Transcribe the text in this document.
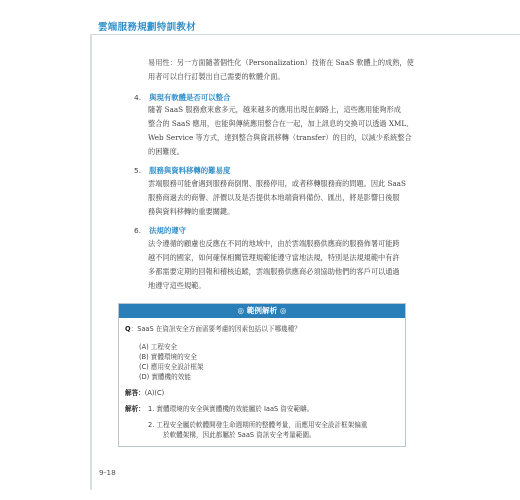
雲端服務規劃特訓教材
易用性：另一方面隨著個性化（Personalization）技術在 SaaS 軟體上的成熟，使
用者可以自行訂製出自己需要的軟體介面。
4. 與現有軟體是否可以整合
隨著 SaaS 服務愈來愈多元，越來越多的應用出現在網路上，這些應用能夠形成
整合的 SaaS 應用，也能與傳統應用整合在一起，加上訊息的交換可以透過 XML、
Web Service 等方式，達到整合與資訊移轉（transfer）的目的，以減少系統整合
的困難度。
5. 服務與資料移轉的難易度
雲端服務可能會遇到服務商倒閉、服務停用，或者移轉服務商的問題。因此 SaaS
服務商過去的商譽、評價以及是否提供本地端資料備份、匯出，將是影響日後服
務與資料移轉的重要關鍵。
6. 法規的遵守
法令遵循的顧慮也反應在不同的地域中，由於雲端服務供應商的服務佈署可能跨
越不同的國家，如何確保相關管理規範能遵守當地法規，特別是法規規範中有許
多都需要定期的回報和稽核追蹤，雲端服務供應商必須協助他們的客戶可以通過
地遵守這些規範。
◎ 範例解析 ◎
Q：SaaS 在資訊安全方面需要考慮的因素包括以下哪幾種？
(A) 工程安全
(B) 實體環境的安全
(C) 應用安全設計框架
(D) 實體機的效能
解答：(A)(C)
解析： 1. 實體環境的安全與實體機的效能屬於 IaaS 資安範疇。
2. 工程安全屬於軟體開發生命週期所的整體考量，而應用安全設計框架偏重
於軟體架構，因此都屬於 SaaS 資訊安全考量範圍。
9-18
